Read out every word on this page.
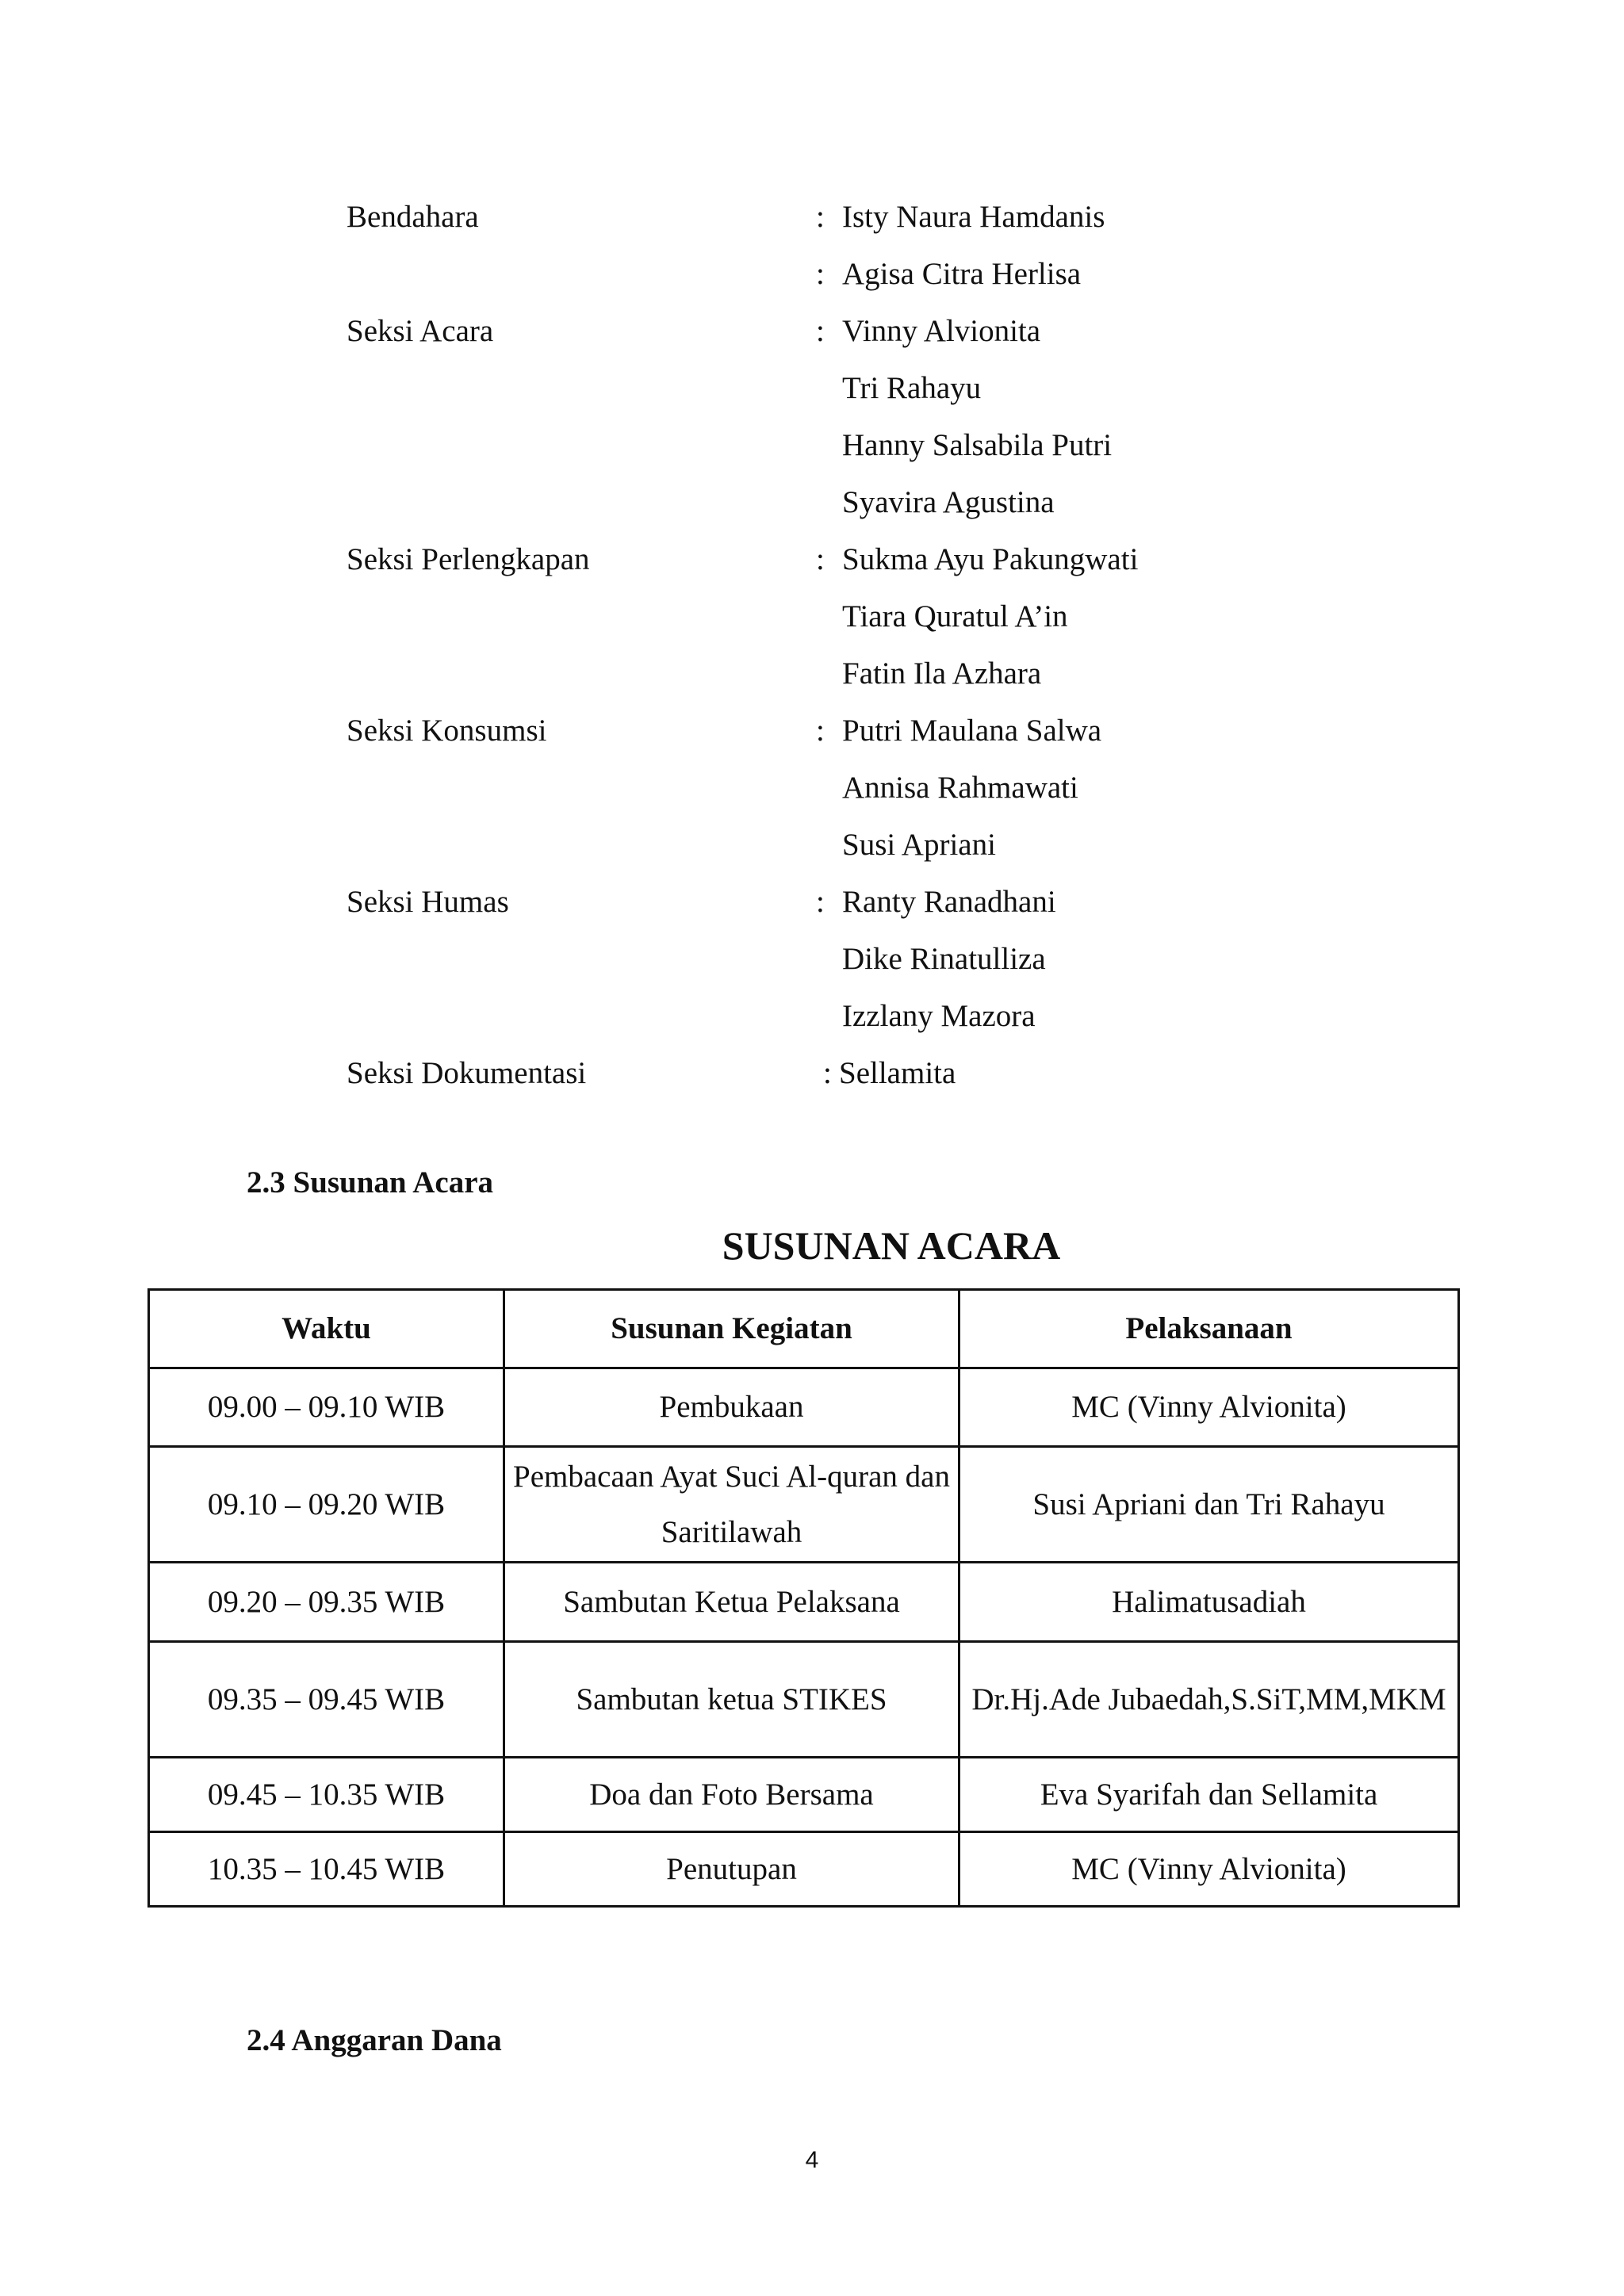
Bendahara	: Isty Naura Hamdanis
: Agisa Citra Herlisa
Seksi Acara	: Vinny Alvionita
Tri Rahayu
Hanny Salsabila Putri
Syavira Agustina
Seksi Perlengkapan	: Sukma Ayu Pakungwati
Tiara Quratul A’in
Fatin Ila Azhara
Seksi Konsumsi	: Putri Maulana Salwa
Annisa Rahmawati
Susi Apriani
Seksi Humas	: Ranty Ranadhani
Dike Rinatulliza
Izzlany Mazora
Seksi Dokumentasi	: Sellamita
2.3 Susunan Acara
SUSUNAN ACARA
Waktu	Susunan Kegiatan	Pelaksanaan
09.00 – 09.10 WIB	Pembukaan	MC (Vinny Alvionita)
09.10 – 09.20 WIB	Pembacaan Ayat Suci Al-quran dan Saritilawah	Susi Apriani dan Tri Rahayu
09.20 – 09.35 WIB	Sambutan Ketua Pelaksana	Halimatusadiah
09.35 – 09.45 WIB	Sambutan ketua STIKES	Dr.Hj.Ade Jubaedah,S.SiT,MM,MKM
09.45 – 10.35 WIB	Doa dan Foto Bersama	Eva Syarifah dan Sellamita
10.35 – 10.45 WIB	Penutupan	MC (Vinny Alvionita)
2.4 Anggaran Dana
4
